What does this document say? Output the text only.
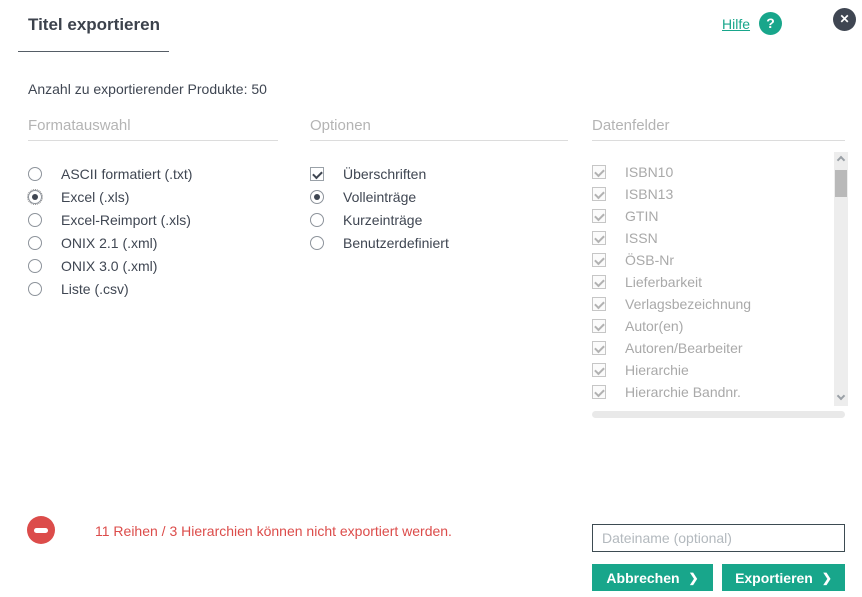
Titel exportieren	Hilfe	?	✕
Anzahl zu exportierender Produkte: 50
Formatauswahl	Optionen	Datenfelder
ASCII formatiert (.txt)
Excel (.xls)
Excel-Reimport (.xls)
ONIX 2.1 (.xml)
ONIX 3.0 (.xml)
Liste (.csv)
Überschriften
Volleinträge
Kurzeinträge
Benutzerdefiniert
ISBN10
ISBN13
GTIN
ISSN
ÖSB-Nr
Lieferbarkeit
Verlagsbezeichnung
Autor(en)
Autoren/Bearbeiter
Hierarchie
Hierarchie Bandnr.
11 Reihen / 3 Hierarchien können nicht exportiert werden.
Dateiname (optional)
Abbrechen ❯	Exportieren ❯
